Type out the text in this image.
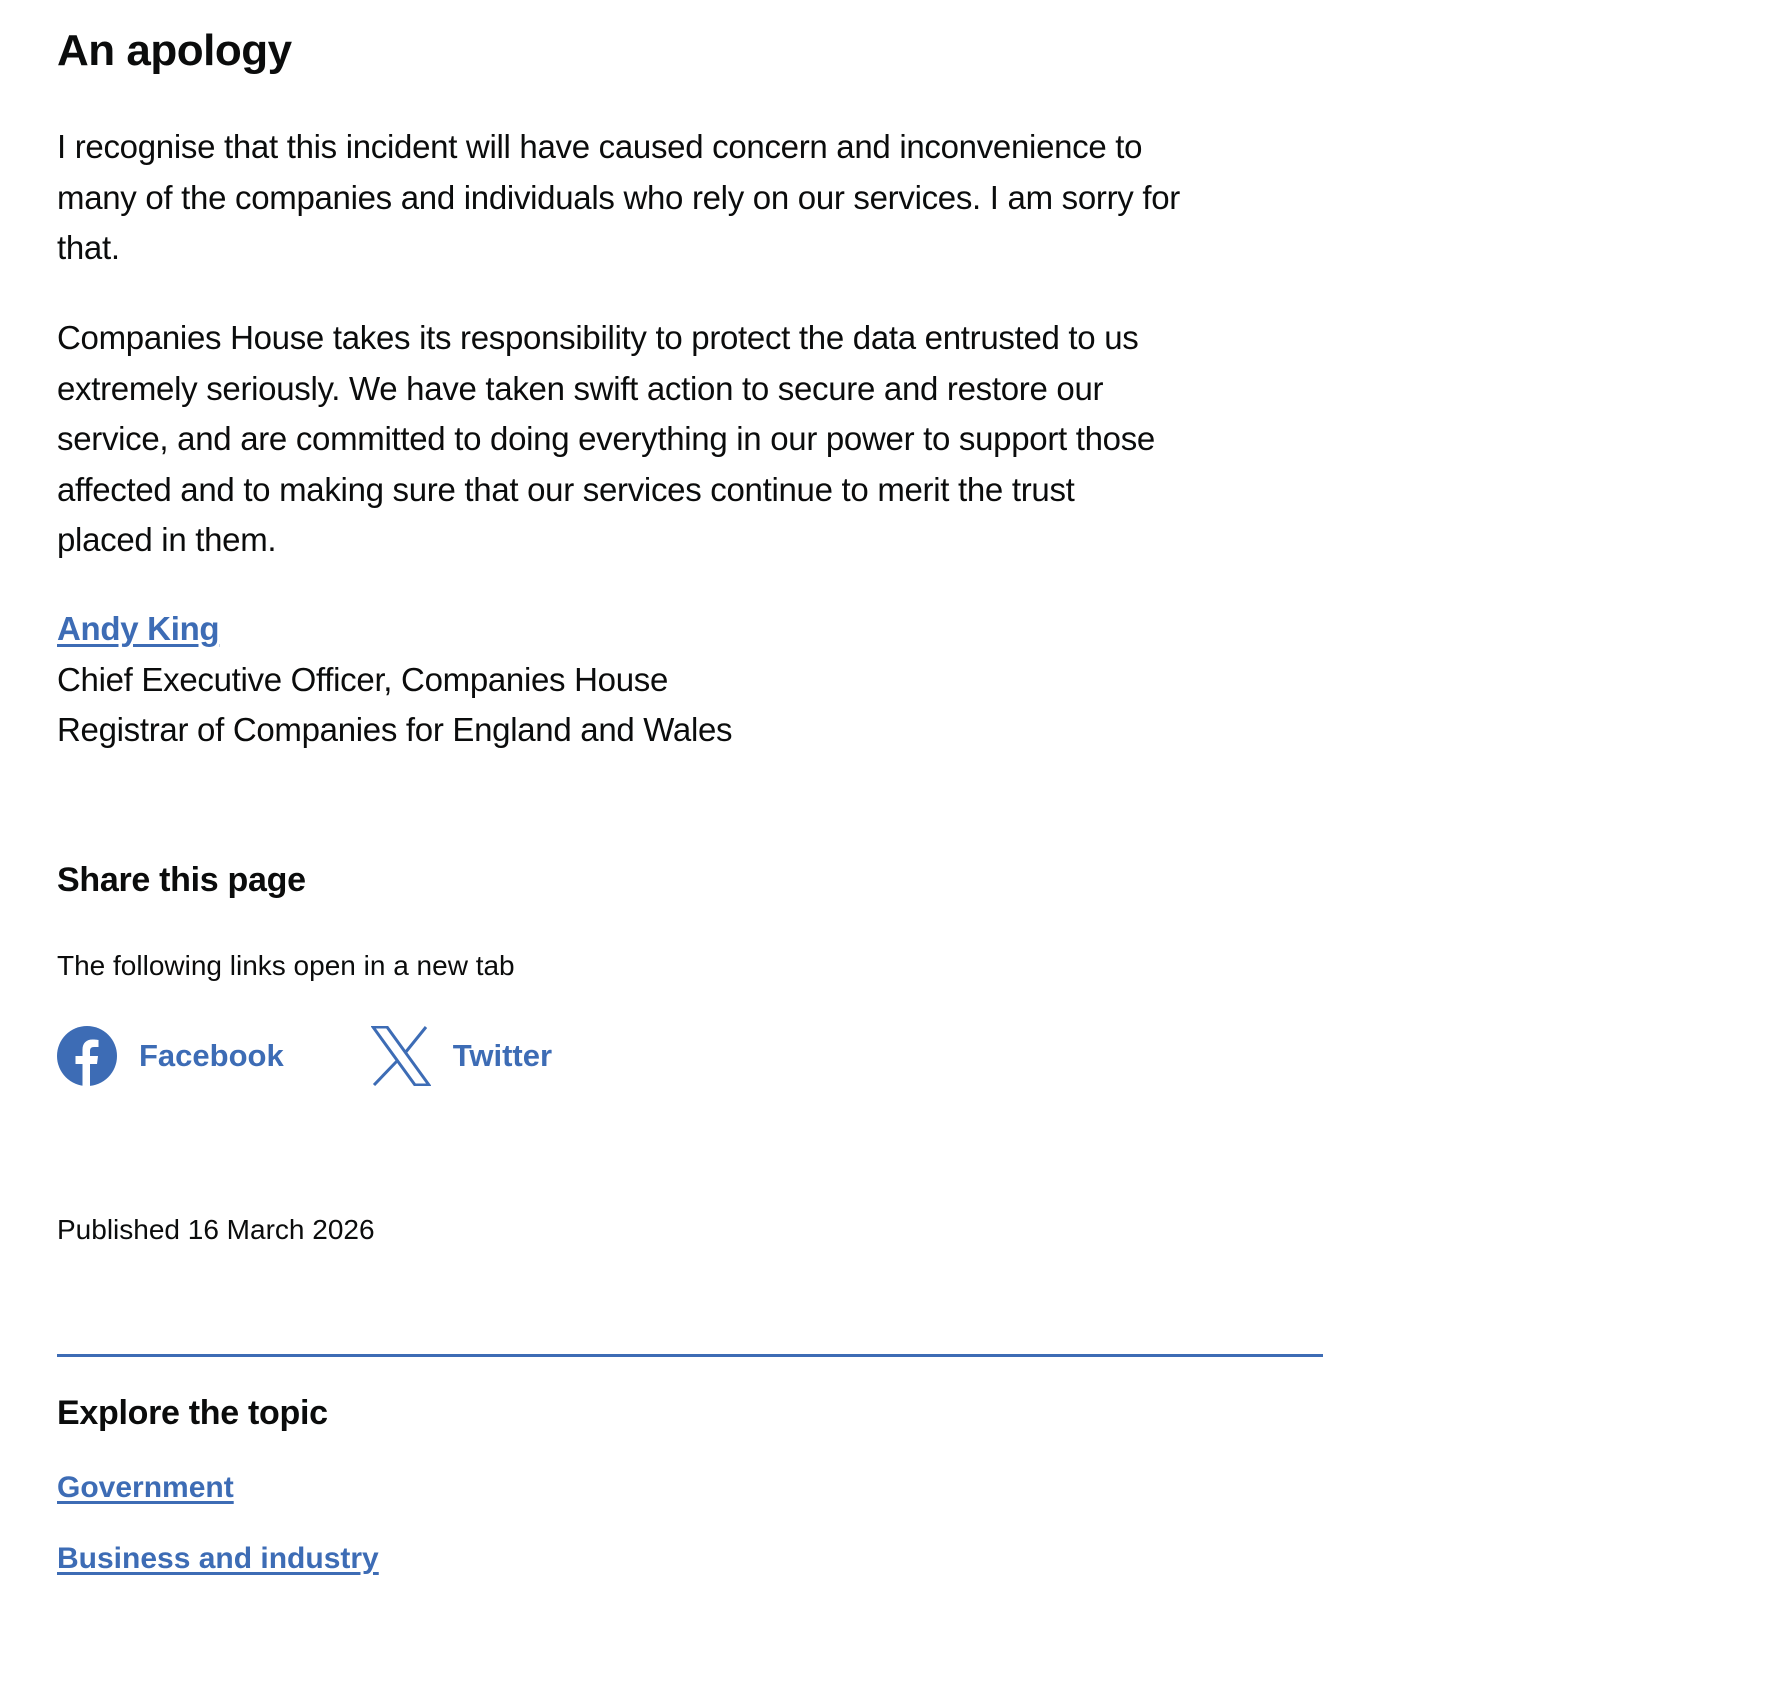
An apology
I recognise that this incident will have caused concern and inconvenience to
many of the companies and individuals who rely on our services. I am sorry for
that.
Companies House takes its responsibility to protect the data entrusted to us
extremely seriously. We have taken swift action to secure and restore our
service, and are committed to doing everything in our power to support those
affected and to making sure that our services continue to merit the trust
placed in them.
Andy King
Chief Executive Officer, Companies House
Registrar of Companies for England and Wales
Share this page
The following links open in a new tab
Facebook	Twitter
Published 16 March 2026
Explore the topic
Government
Business and industry
